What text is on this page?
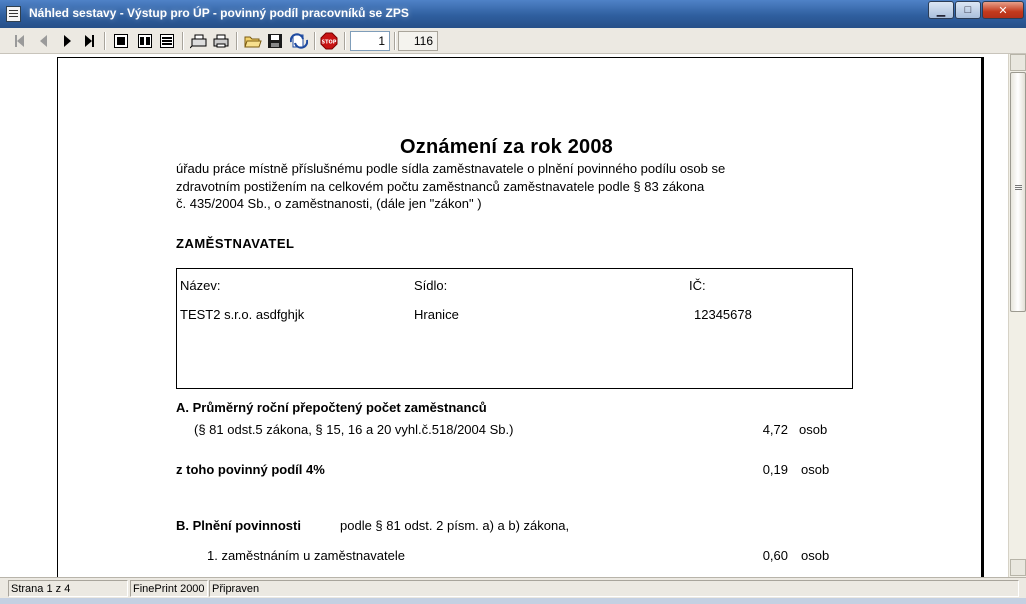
Náhled sestavy - Výstup pro ÚP - povinný podíl pracovníků se ZPS	▁	□	✕
STOP	1	116
Oznámení za rok 2008
úřadu práce místně příslušnému podle sídla zaměstnavatele o plnění povinného podílu osob se
zdravotním postižením na celkovém počtu zaměstnanců zaměstnavatele podle § 83 zákona
č. 435/2004 Sb., o zaměstnanosti, (dále jen "zákon" )
ZAMĚSTNAVATEL
Název:	Sídlo:	IČ:
TEST2 s.r.o. asdfghjk	Hranice	12345678
A. Průměrný roční přepočtený počet zaměstnanců
(§ 81 odst.5 zákona, § 15, 16 a 20 vyhl.č.518/2004 Sb.)	4,72 osob
z toho povinný podíl 4%	0,19 osob
B. Plnění povinnosti	podle § 81 odst. 2 písm. a) a b) zákona,
1. zaměstnáním u zaměstnavatele	0,60 osob
Strana 1 z 4	FinePrint 2000 Připraven
